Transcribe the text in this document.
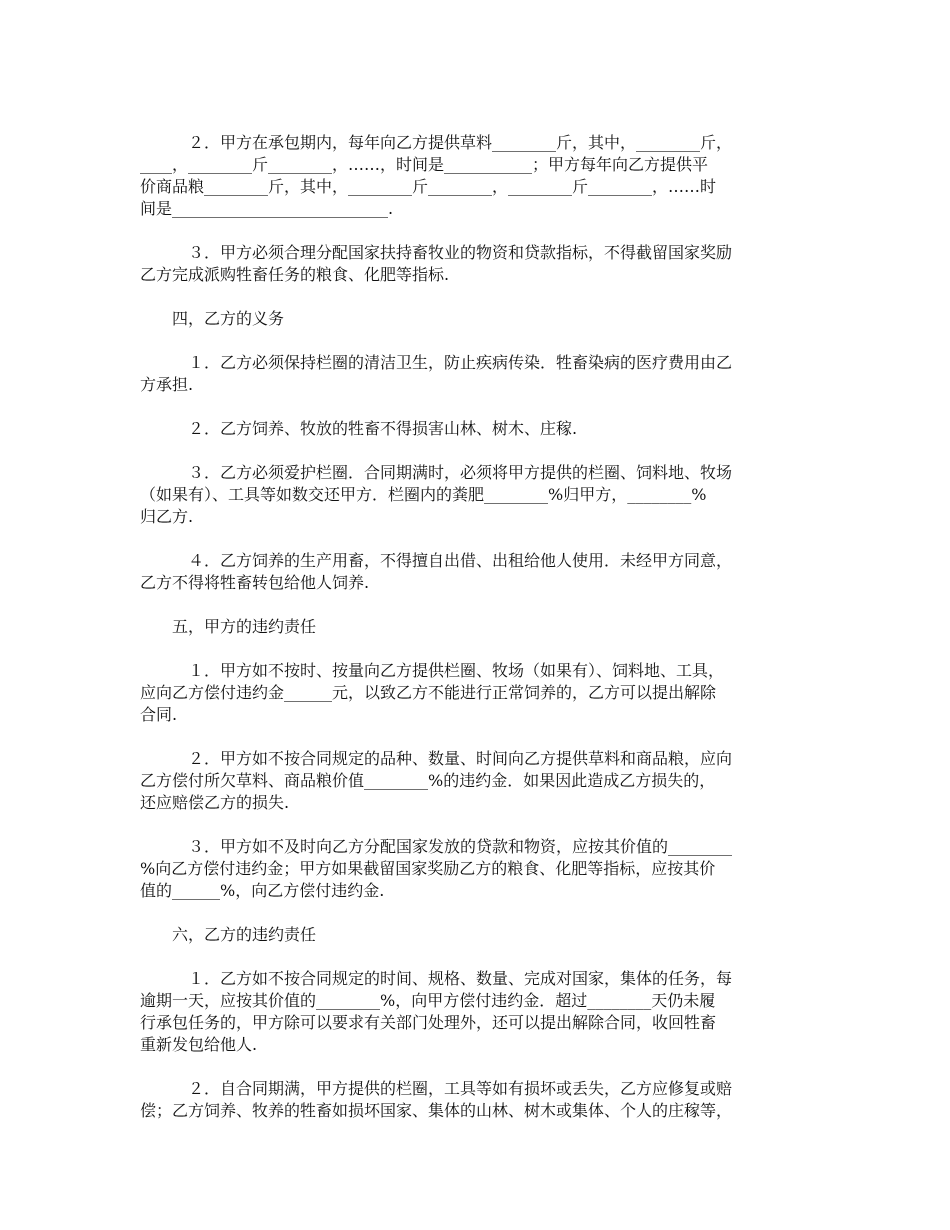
　２．甲方在承包期内，每年向乙方提供草料________斤，其中，________斤，
____，________斤________，……，时间是___________；甲方每年向乙方提供平
价商品粮________斤，其中，________斤________，________斤________，……时
间是___________________________.
　３．甲方必须合理分配国家扶持畜牧业的物资和贷款指标，不得截留国家奖励
乙方完成派购牲畜任务的粮食、化肥等指标.
四，乙方的义务
　１．乙方必须保持栏圈的清洁卫生，防止疾病传染．牲畜染病的医疗费用由乙
方承担.
　２．乙方饲养、牧放的牲畜不得损害山林、树木、庄稼.
　３．乙方必须爱护栏圈．合同期满时，必须将甲方提供的栏圈、饲料地、牧场
（如果有）、工具等如数交还甲方．栏圈内的粪肥________%归甲方，________%
归乙方.
　４．乙方饲养的生产用畜，不得擅自出借、出租给他人使用．未经甲方同意，
乙方不得将牲畜转包给他人饲养.
五，甲方的违约责任
　１．甲方如不按时、按量向乙方提供栏圈、牧场（如果有）、饲料地、工具，
应向乙方偿付违约金______元，以致乙方不能进行正常饲养的，乙方可以提出解除
合同.
　２．甲方如不按合同规定的品种、数量、时间向乙方提供草料和商品粮，应向
乙方偿付所欠草料、商品粮价值________%的违约金．如果因此造成乙方损失的，
还应赔偿乙方的损失.
　３．甲方如不及时向乙方分配国家发放的贷款和物资，应按其价值的________
%向乙方偿付违约金；甲方如果截留国家奖励乙方的粮食、化肥等指标，应按其价
值的______%，向乙方偿付违约金.
六，乙方的违约责任
　１．乙方如不按合同规定的时间、规格、数量、完成对国家，集体的任务，每
逾期一天，应按其价值的________%，向甲方偿付违约金．超过________天仍未履
行承包任务的，甲方除可以要求有关部门处理外，还可以提出解除合同，收回牲畜
重新发包给他人.
　２．自合同期满，甲方提供的栏圈，工具等如有损坏或丢失，乙方应修复或赔
偿；乙方饲养、牧养的牲畜如损坏国家、集体的山林、树木或集体、个人的庄稼等，
